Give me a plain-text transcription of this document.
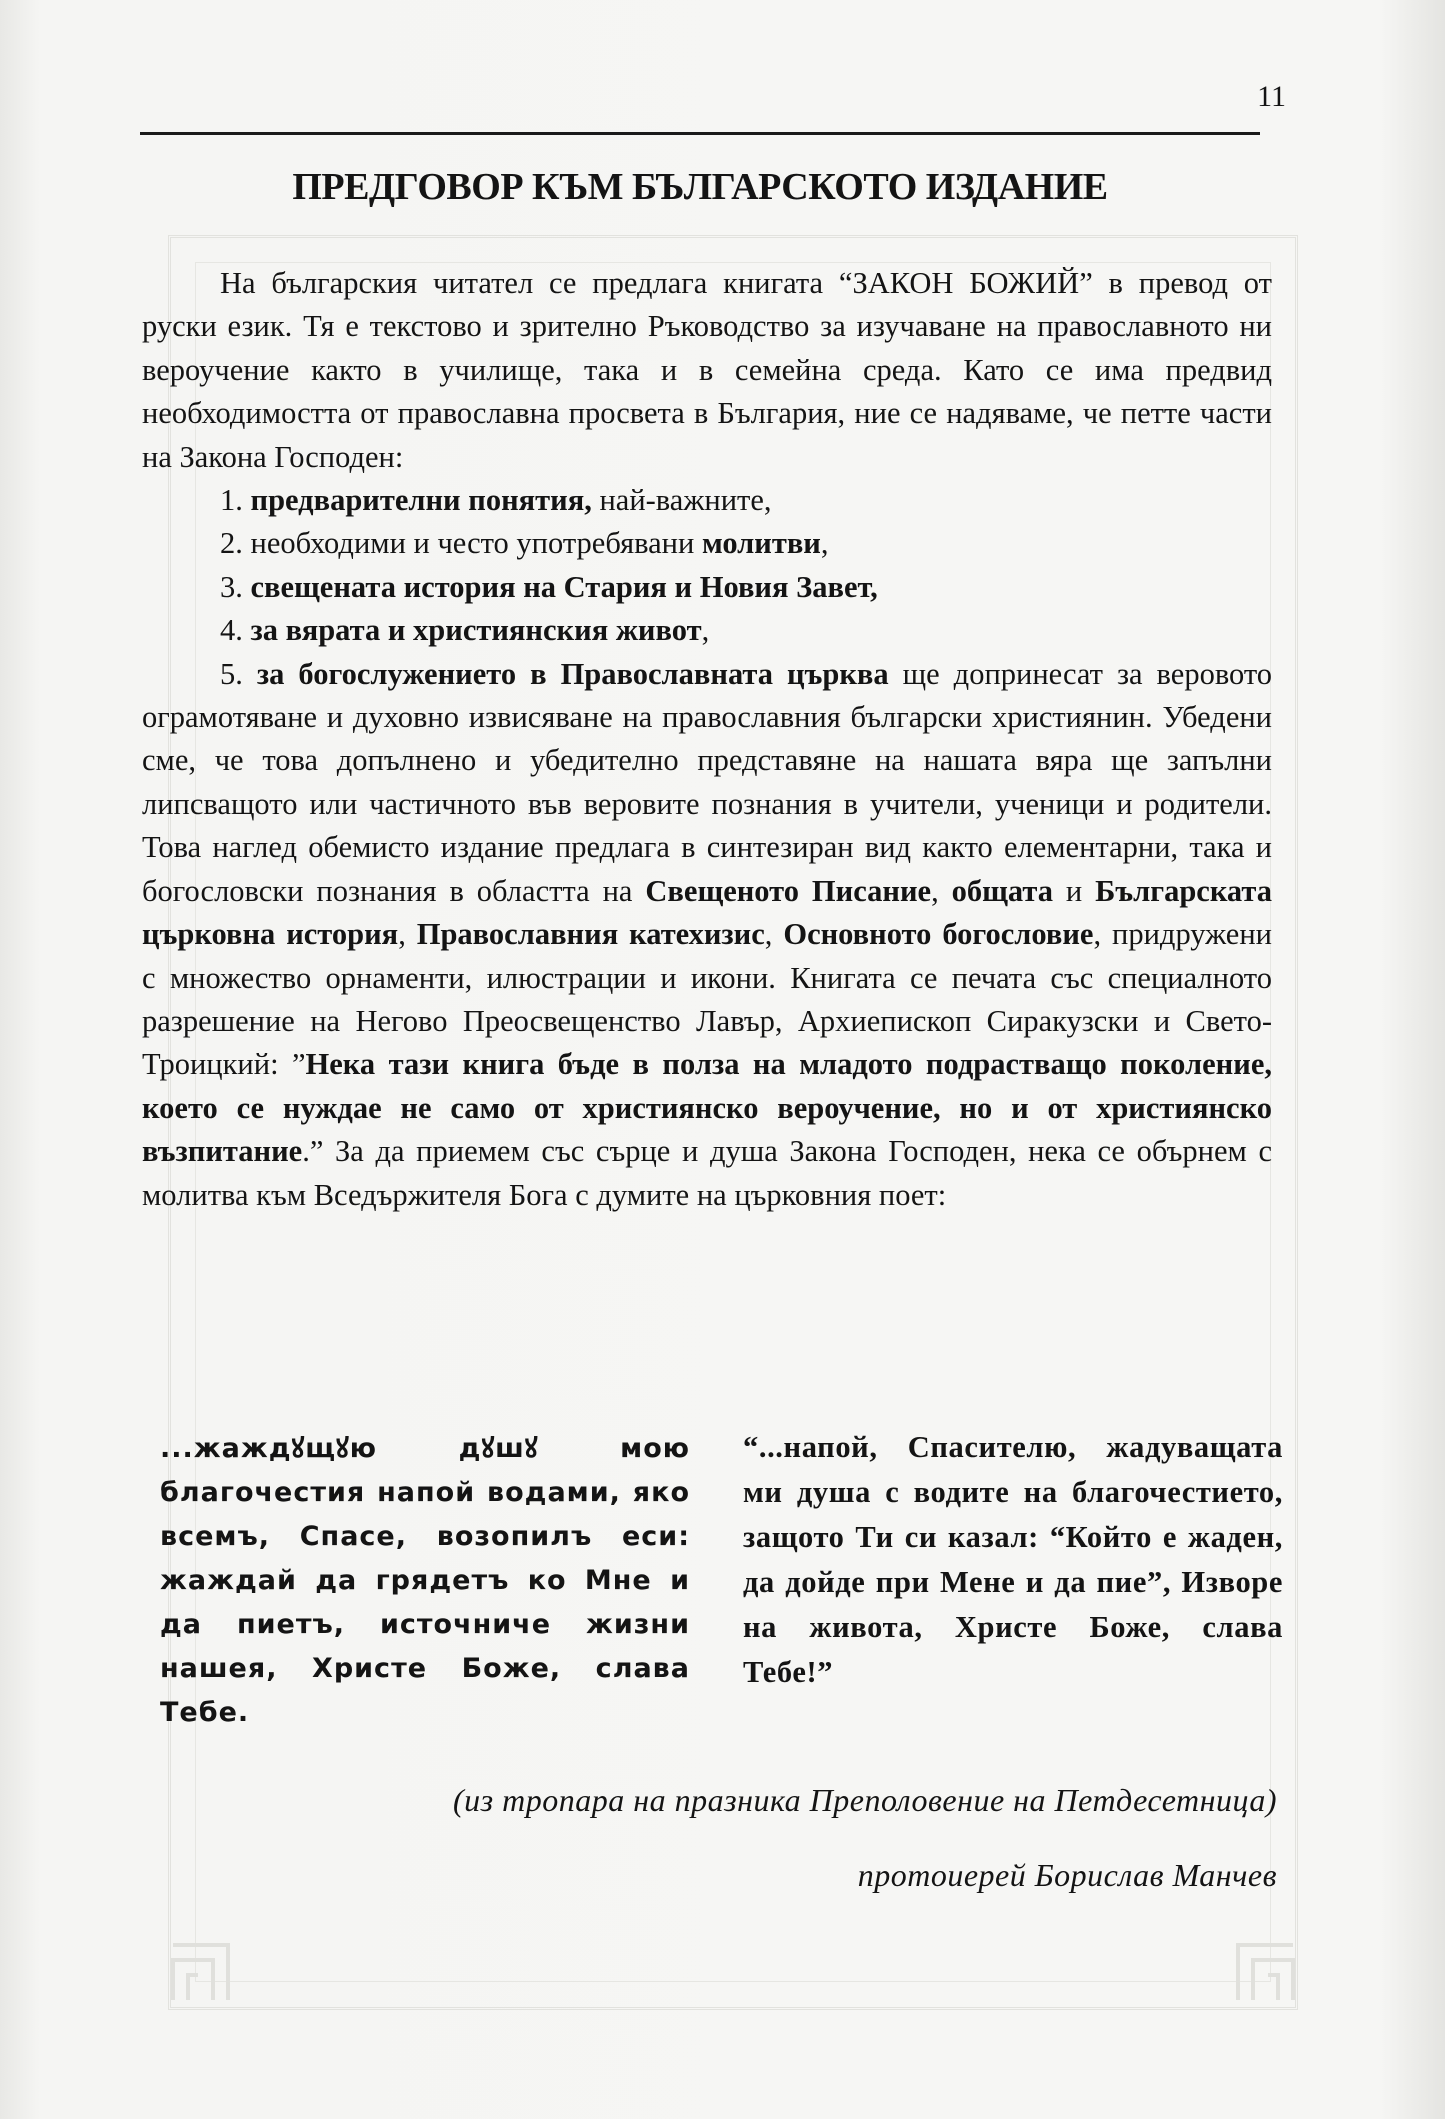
11
ПРЕДГОВОР КЪМ БЪЛГАРСКОТО ИЗДАНИЕ

На българския читател се предлага книгата “ЗАКОН БОЖИЙ” в превод от руски език. Тя е текстово и зрително Ръководство за изучаване на православното ни вероучение както в училище, така и в семейна среда. Като се има предвид необходимостта от православна просвета в България, ние се надяваме, че петте части на Закона Господен:

1. предварителни понятия, най-важните,

2. необходими и често употребявани молитви,

3. свещената история на Стария и Новия Завет,

4. за вярата и християнския живот,

5. за богослужението в Православната църква ще допринесат за веровото ограмотяване и духовно извисяване на православния български християнин. Убедени сме, че това допълнено и убедително представяне на нашата вяра ще запълни липсващото или частичното във веровите познания в учители, ученици и родители. Това наглед обемисто издание предлага в синтезиран вид както елементарни, така и богословски познания в областта на Свещеното Писание, общата и Българската църковна история, Православния катехизис, Основното богословие, придружени с множество орнаменти, илюстрации и икони. Книгата се печата със специалното разрешение на Негово Преосвещенство Лавър, Архиепископ Сиракузски и Свето-Троицкий: ”Нека тази книга бъде в полза на младото подрастващо поколение, което се нуждае не само от християнско вероучение, но и от християнско възпитание.” За да приемем със сърце и душа Закона Господен, нека се обърнем с молитва към Вседържителя Бога с думите на църковния поет:

...жаждꙋщꙋю дꙋшꙋ мою благочестия напой водами, яко всемъ, Спасе, возопилъ еси: жаждай да грядетъ ко Мне и да пиетъ, источниче жизни нашея, Христе Боже, слава Тебе.
“...напой, Спасителю, жадуващата ми душа с водите на благочестието, защото Ти си казал: “Който е жаден, да дойде при Мене и да пие”, Изворе на живота, Христе Боже, слава Тебе!”
(из тропара на празника Преполовение на Петдесетница)
протоиерей Борислав Манчев
